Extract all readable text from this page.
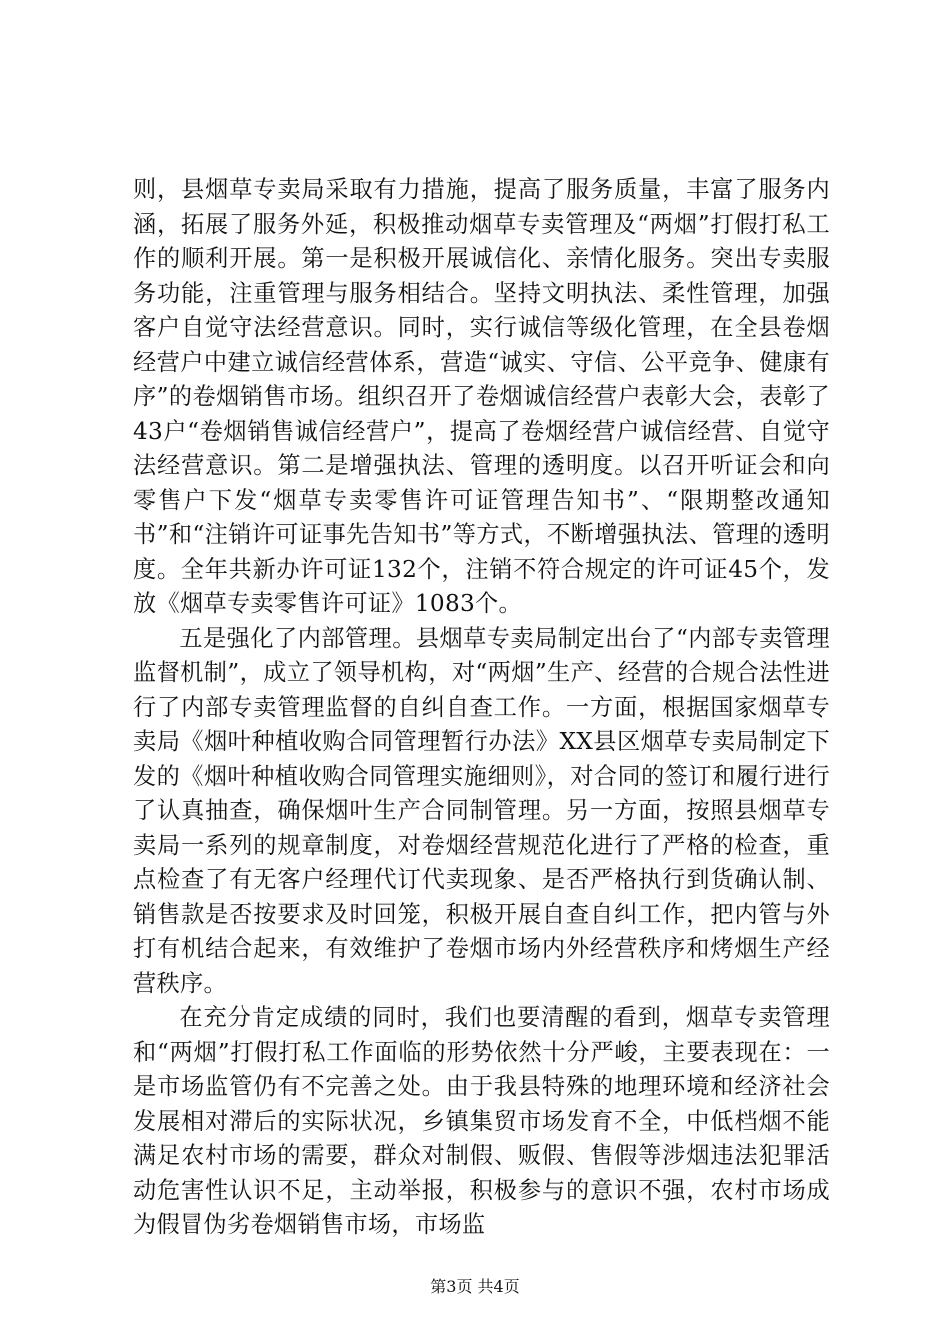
则，县烟草专卖局采取有力措施，提高了服务质量，丰富了服务内涵，拓展了服务外延，积极推动烟草专卖管理及“两烟”打假打私工作的顺利开展。第一是积极开展诚信化、亲情化服务。突出专卖服务功能，注重管理与服务相结合。坚持文明执法、柔性管理，加强客户自觉守法经营意识。同时，实行诚信等级化管理，在全县卷烟经营户中建立诚信经营体系，营造“诚实、守信、公平竞争、健康有序”的卷烟销售市场。组织召开了卷烟诚信经营户表彰大会，表彰了43户“卷烟销售诚信经营户”，提高了卷烟经营户诚信经营、自觉守法经营意识。第二是增强执法、管理的透明度。以召开听证会和向零售户下发“烟草专卖零售许可证管理告知书”、“限期整改通知书”和“注销许可证事先告知书”等方式，不断增强执法、管理的透明度。全年共新办许可证132个，注销不符合规定的许可证45个，发放《烟草专卖零售许可证》1083个。

五是强化了内部管理。县烟草专卖局制定出台了“内部专卖管理监督机制”，成立了领导机构，对“两烟”生产、经营的合规合法性进行了内部专卖管理监督的自纠自查工作。一方面，根据国家烟草专卖局《烟叶种植收购合同管理暂行办法》XX县区烟草专卖局制定下发的《烟叶种植收购合同管理实施细则》，对合同的签订和履行进行了认真抽查，确保烟叶生产合同制管理。另一方面，按照县烟草专卖局一系列的规章制度，对卷烟经营规范化进行了严格的检查，重点检查了有无客户经理代订代卖现象、是否严格执行到货确认制、销售款是否按要求及时回笼，积极开展自查自纠工作，把内管与外打有机结合起来，有效维护了卷烟市场内外经营秩序和烤烟生产经营秩序。

在充分肯定成绩的同时，我们也要清醒的看到，烟草专卖管理和“两烟”打假打私工作面临的形势依然十分严峻，主要表现在：一是市场监管仍有不完善之处。由于我县特殊的地理环境和经济社会发展相对滞后的实际状况，乡镇集贸市场发育不全，中低档烟不能满足农村市场的需要，群众对制假、贩假、售假等涉烟违法犯罪活动危害性认识不足，主动举报，积极参与的意识不强，农村市场成为假冒伪劣卷烟销售市场，市场监

第3页 共4页
